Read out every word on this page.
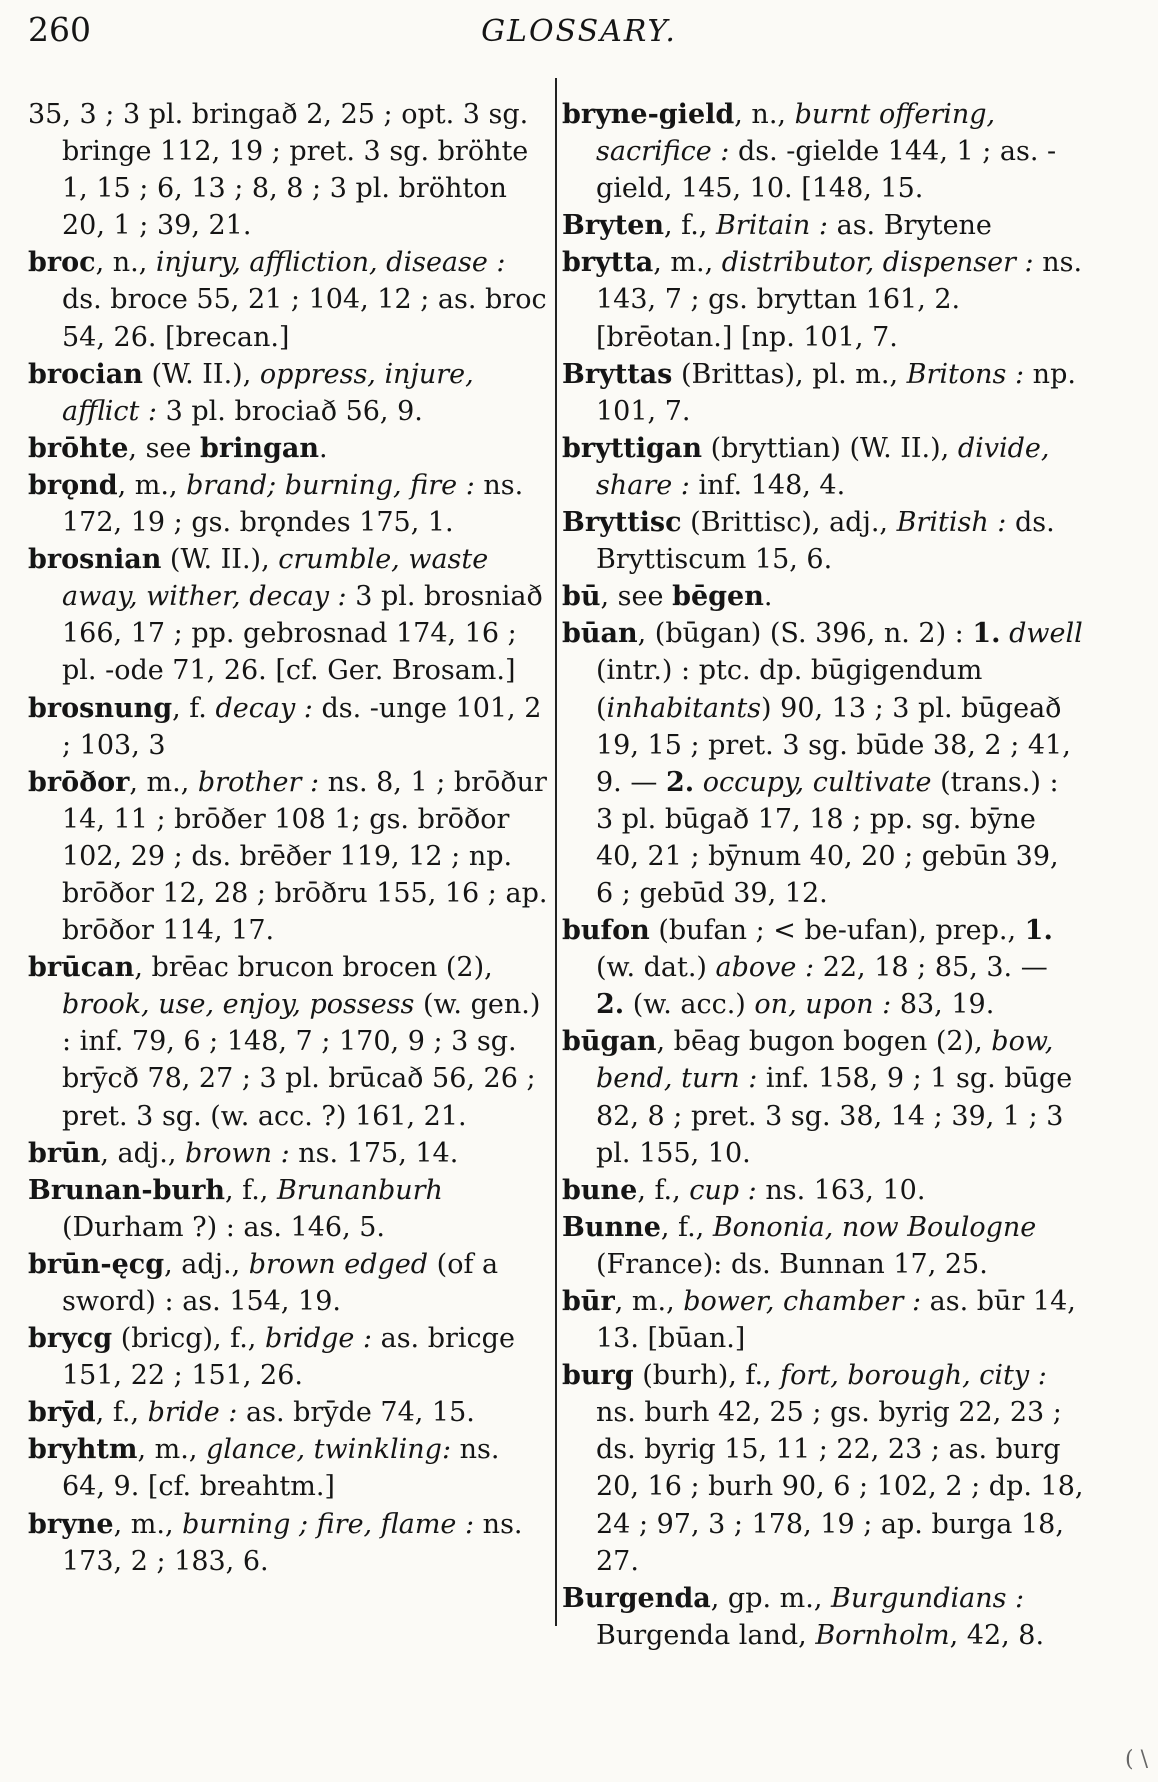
260	GLOSSARY.

35, 3 ; 3 pl. bringað 2, 25 ; opt. 3 sg. bringe 112, 19 ; pret. 3 sg. bröhte 1, 15 ; 6, 13 ; 8, 8 ; 3 pl. bröhton 20, 1 ; 39, 21.

broc, n., injury, affliction, disease : ds. broce 55, 21 ; 104, 12 ; as. broc 54, 26. [brecan.]

brocian (W. II.), oppress, injure, afflict : 3 pl. brociað 56, 9.

brōhte, see bringan.

brǫnd, m., brand; burning, fire : ns. 172, 19 ; gs. brǫndes 175, 1.

brosnian (W. II.), crumble, waste away, wither, decay : 3 pl. brosniað 166, 17 ; pp. gebrosnad 174, 16 ; pl. -ode 71, 26. [cf. Ger. Brosam.]

brosnung, f. decay : ds. -unge 101, 2 ; 103, 3

brōðor, m., brother : ns. 8, 1 ; brōður 14, 11 ; brōðer 108 1; gs. brōðor 102, 29 ; ds. brēðer 119, 12 ; np. brōðor 12, 28 ; brōðru 155, 16 ; ap. brōðor 114, 17.

brūcan, brēac brucon brocen (2), brook, use, enjoy, possess (w. gen.) : inf. 79, 6 ; 148, 7 ; 170, 9 ; 3 sg. brȳcð 78, 27 ; 3 pl. brūcað 56, 26 ; pret. 3 sg. (w. acc. ?) 161, 21.

brūn, adj., brown : ns. 175, 14.

Brunan-burh, f., Brunanburh (Durham ?) : as. 146, 5.

brūn-ęcg, adj., brown edged (of a sword) : as. 154, 19.

brycg (bricg), f., bridge : as. bricge 151, 22 ; 151, 26.

brȳd, f., bride : as. brȳde 74, 15.

bryhtm, m., glance, twinkling: ns. 64, 9. [cf. breahtm.]

bryne, m., burning ; fire, flame : ns. 173, 2 ; 183, 6.

bryne-gield, n., burnt offering, sacrifice : ds. -gielde 144, 1 ; as. -gield, 145, 10. [148, 15.

Bryten, f., Britain : as. Brytene

brytta, m., distributor, dispenser : ns. 143, 7 ; gs. bryttan 161, 2. [brēotan.] [np. 101, 7.

Bryttas (Brittas), pl. m., Britons : np. 101, 7.

bryttigan (bryttian) (W. II.), divide, share : inf. 148, 4.

Bryttisc (Brittisc), adj., British : ds. Bryttiscum 15, 6.

bū, see bēgen.

būan, (būgan) (S. 396, n. 2) : 1. dwell (intr.) : ptc. dp. būgigendum (inhabitants) 90, 13 ; 3 pl. būgeað 19, 15 ; pret. 3 sg. būde 38, 2 ; 41, 9. — 2. occupy, cultivate (trans.) : 3 pl. būgað 17, 18 ; pp. sg. bȳne 40, 21 ; bȳnum 40, 20 ; gebūn 39, 6 ; gebūd 39, 12.

bufon (bufan ; < be-ufan), prep., 1. (w. dat.) above : 22, 18 ; 85, 3. — 2. (w. acc.) on, upon : 83, 19.

būgan, bēag bugon bogen (2), bow, bend, turn : inf. 158, 9 ; 1 sg. būge 82, 8 ; pret. 3 sg. 38, 14 ; 39, 1 ; 3 pl. 155, 10.

bune, f., cup : ns. 163, 10.

Bunne, f., Bononia, now Boulogne (France): ds. Bunnan 17, 25.

būr, m., bower, chamber : as. būr 14, 13. [būan.]

burg (burh), f., fort, borough, city : ns. burh 42, 25 ; gs. byrig 22, 23 ; ds. byrig 15, 11 ; 22, 23 ; as. burg 20, 16 ; burh 90, 6 ; 102, 2 ; dp. 18, 24 ; 97, 3 ; 178, 19 ; ap. burga 18, 27.

Burgenda, gp. m., Burgundians : Burgenda land, Bornholm, 42, 8.

( \
